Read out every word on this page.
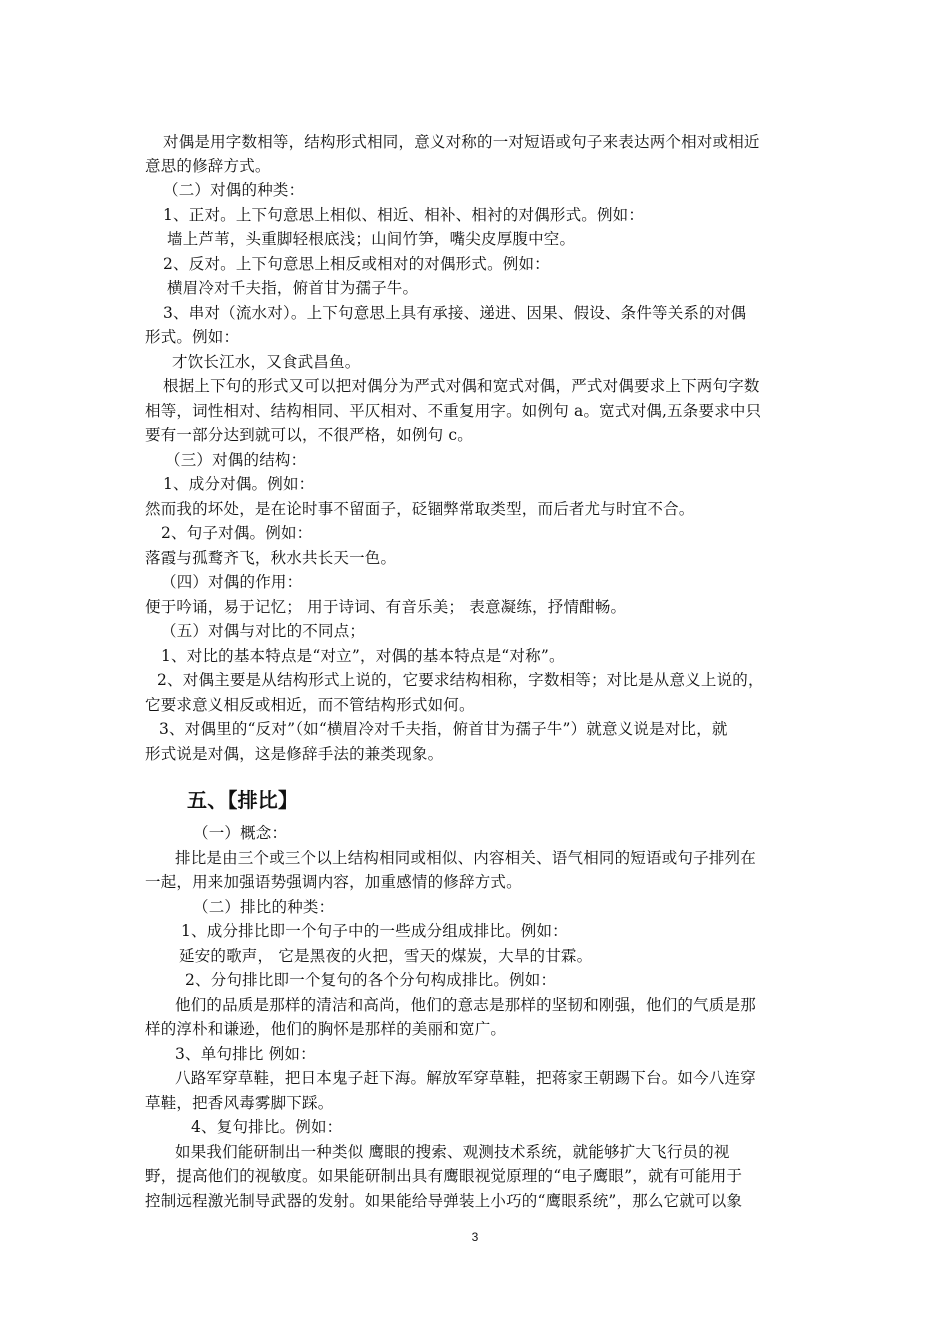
对偶是用字数相等，结构形式相同，意义对称的一对短语或句子来表达两个相对或相近
意思的修辞方式。
（二）对偶的种类：
1、正对。上下句意思上相似、相近、相补、相衬的对偶形式。例如：
墙上芦苇，头重脚轻根底浅；山间竹笋，嘴尖皮厚腹中空。
2、反对。上下句意思上相反或相对的对偶形式。例如：
横眉冷对千夫指，俯首甘为孺子牛。
3、串对（流水对）。上下句意思上具有承接、递进、因果、假设、条件等关系的对偶
形式。例如：
才饮长江水，又食武昌鱼。
根据上下句的形式又可以把对偶分为严式对偶和宽式对偶，严式对偶要求上下两句字数
相等，词性相对、结构相同、平仄相对、不重复用字。如例句 a。宽式对偶,五条要求中只
要有一部分达到就可以，不很严格，如例句 c。
（三）对偶的结构：
1、成分对偶。例如：
然而我的坏处，是在论时事不留面子，砭锢弊常取类型，而后者尤与时宜不合。
2、句子对偶。例如：
落霞与孤鹜齐飞，秋水共长天一色。
（四）对偶的作用：
便于吟诵，易于记忆； 用于诗词、有音乐美； 表意凝练，抒情酣畅。
（五）对偶与对比的不同点；
1、对比的基本特点是“对立”，对偶的基本特点是“对称”。
2、对偶主要是从结构形式上说的，它要求结构相称，字数相等；对比是从意义上说的，
它要求意义相反或相近，而不管结构形式如何。
3、对偶里的“反对”（如“横眉冷对千夫指，俯首甘为孺子牛”）就意义说是对比，就
形式说是对偶，这是修辞手法的兼类现象。
五、【排比】
（一）概念：
排比是由三个或三个以上结构相同或相似、内容相关、语气相同的短语或句子排列在
一起，用来加强语势强调内容，加重感情的修辞方式。
（二）排比的种类：
1、成分排比即一个句子中的一些成分组成排比。例如：
延安的歌声， 它是黑夜的火把，雪天的煤炭，大旱的甘霖。
2、分句排比即一个复句的各个分句构成排比。例如：
他们的品质是那样的清洁和高尚，他们的意志是那样的坚韧和刚强，他们的气质是那
样的淳朴和谦逊，他们的胸怀是那样的美丽和宽广。
3、单句排比 例如：
八路军穿草鞋，把日本鬼子赶下海。解放军穿草鞋，把蒋家王朝踢下台。如今八连穿
草鞋，把香风毒雾脚下踩。
4、复句排比。例如：
如果我们能研制出一种类似 鹰眼的搜索、观测技术系统，就能够扩大飞行员的视
野，提高他们的视敏度。如果能研制出具有鹰眼视觉原理的“电子鹰眼”，就有可能用于
控制远程激光制导武器的发射。如果能给导弹装上小巧的“鹰眼系统”，那么它就可以象
3
